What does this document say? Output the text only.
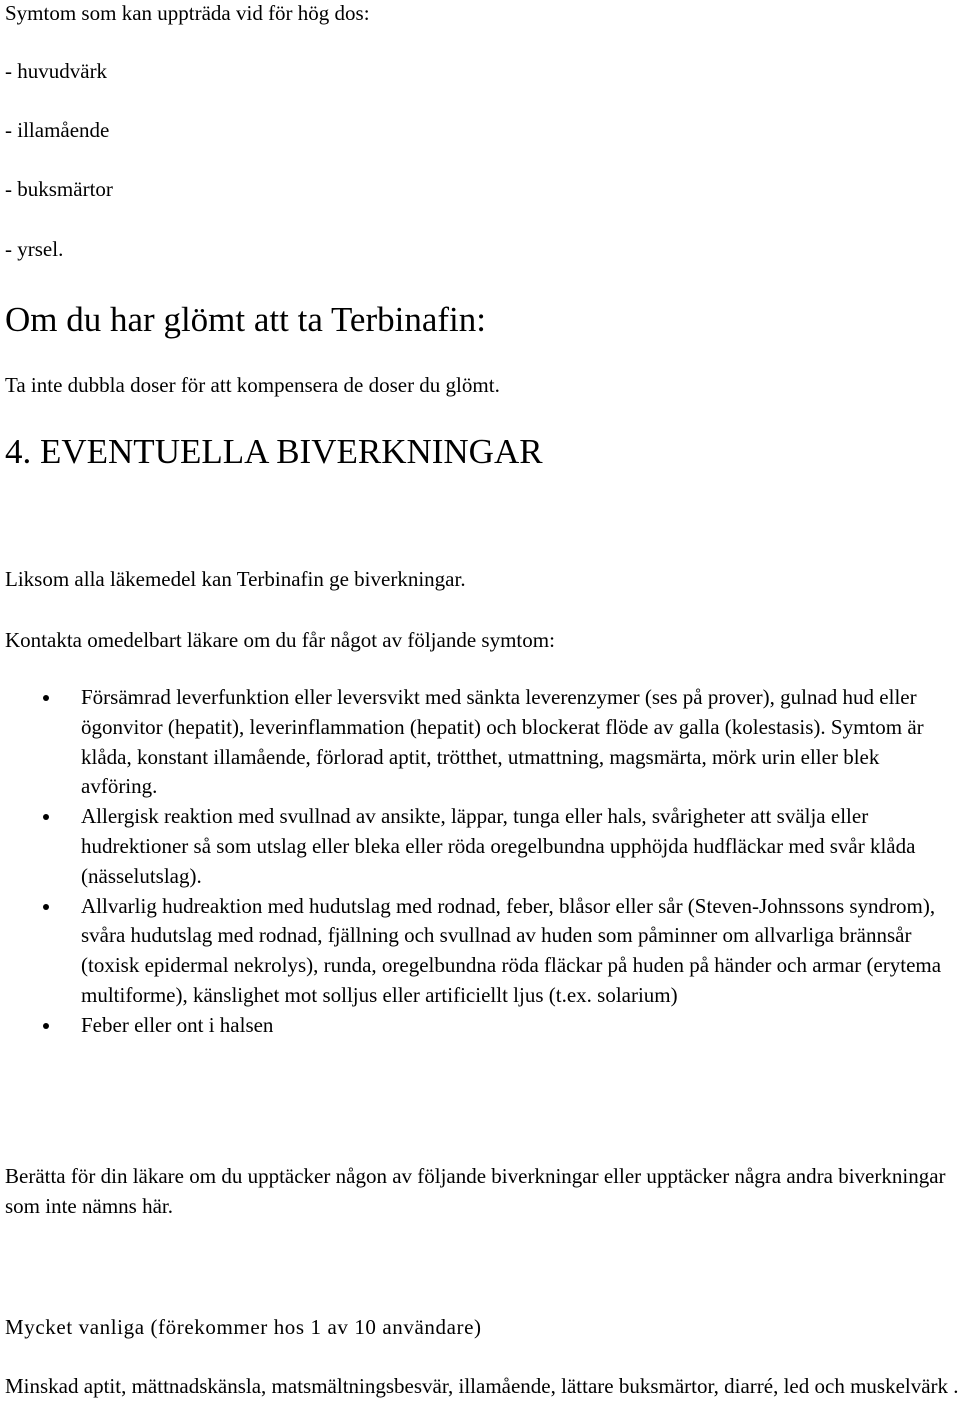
Symtom som kan uppträda vid för hög dos:

- huvudvärk

- illamående

- buksmärtor

- yrsel.

Om du har glömt att ta Terbinafin:

Ta inte dubbla doser för att kompensera de doser du glömt.

4. EVENTUELLA BIVERKNINGAR

Liksom alla läkemedel kan Terbinafin ge biverkningar.

Kontakta omedelbart läkare om du får något av följande symtom:

Försämrad leverfunktion eller leversvikt med sänkta leverenzymer (ses på prover), gulnad hud eller ögonvitor (hepatit), leverinflammation (hepatit) och blockerat flöde av galla (kolestasis). Symtom är klåda, konstant illamående, förlorad aptit, trötthet, utmattning, magsmärta, mörk urin eller blek avföring.
Allergisk reaktion med svullnad av ansikte, läppar, tunga eller hals, svårigheter att svälja eller hudrektioner så som utslag eller bleka eller röda oregelbundna upphöjda hudfläckar med svår klåda (nässelutslag).
Allvarlig hudreaktion med hudutslag med rodnad, feber, blåsor eller sår (Steven-Johnssons syndrom), svåra hudutslag med rodnad, fjällning och svullnad av huden som påminner om allvarliga brännsår (toxisk epidermal nekrolys), runda, oregelbundna röda fläckar på huden på händer och armar (erytema multiforme), känslighet mot solljus eller artificiellt ljus (t.ex. solarium)
Feber eller ont i halsen

Berätta för din läkare om du upptäcker någon av följande biverkningar eller upptäcker några andra biverkningar som inte nämns här.

Mycket vanliga (förekommer hos 1 av 10 användare)

Minskad aptit, mättnadskänsla, matsmältningsbesvär, illamående, lättare buksmärtor, diarré, led och muskelvärk .
